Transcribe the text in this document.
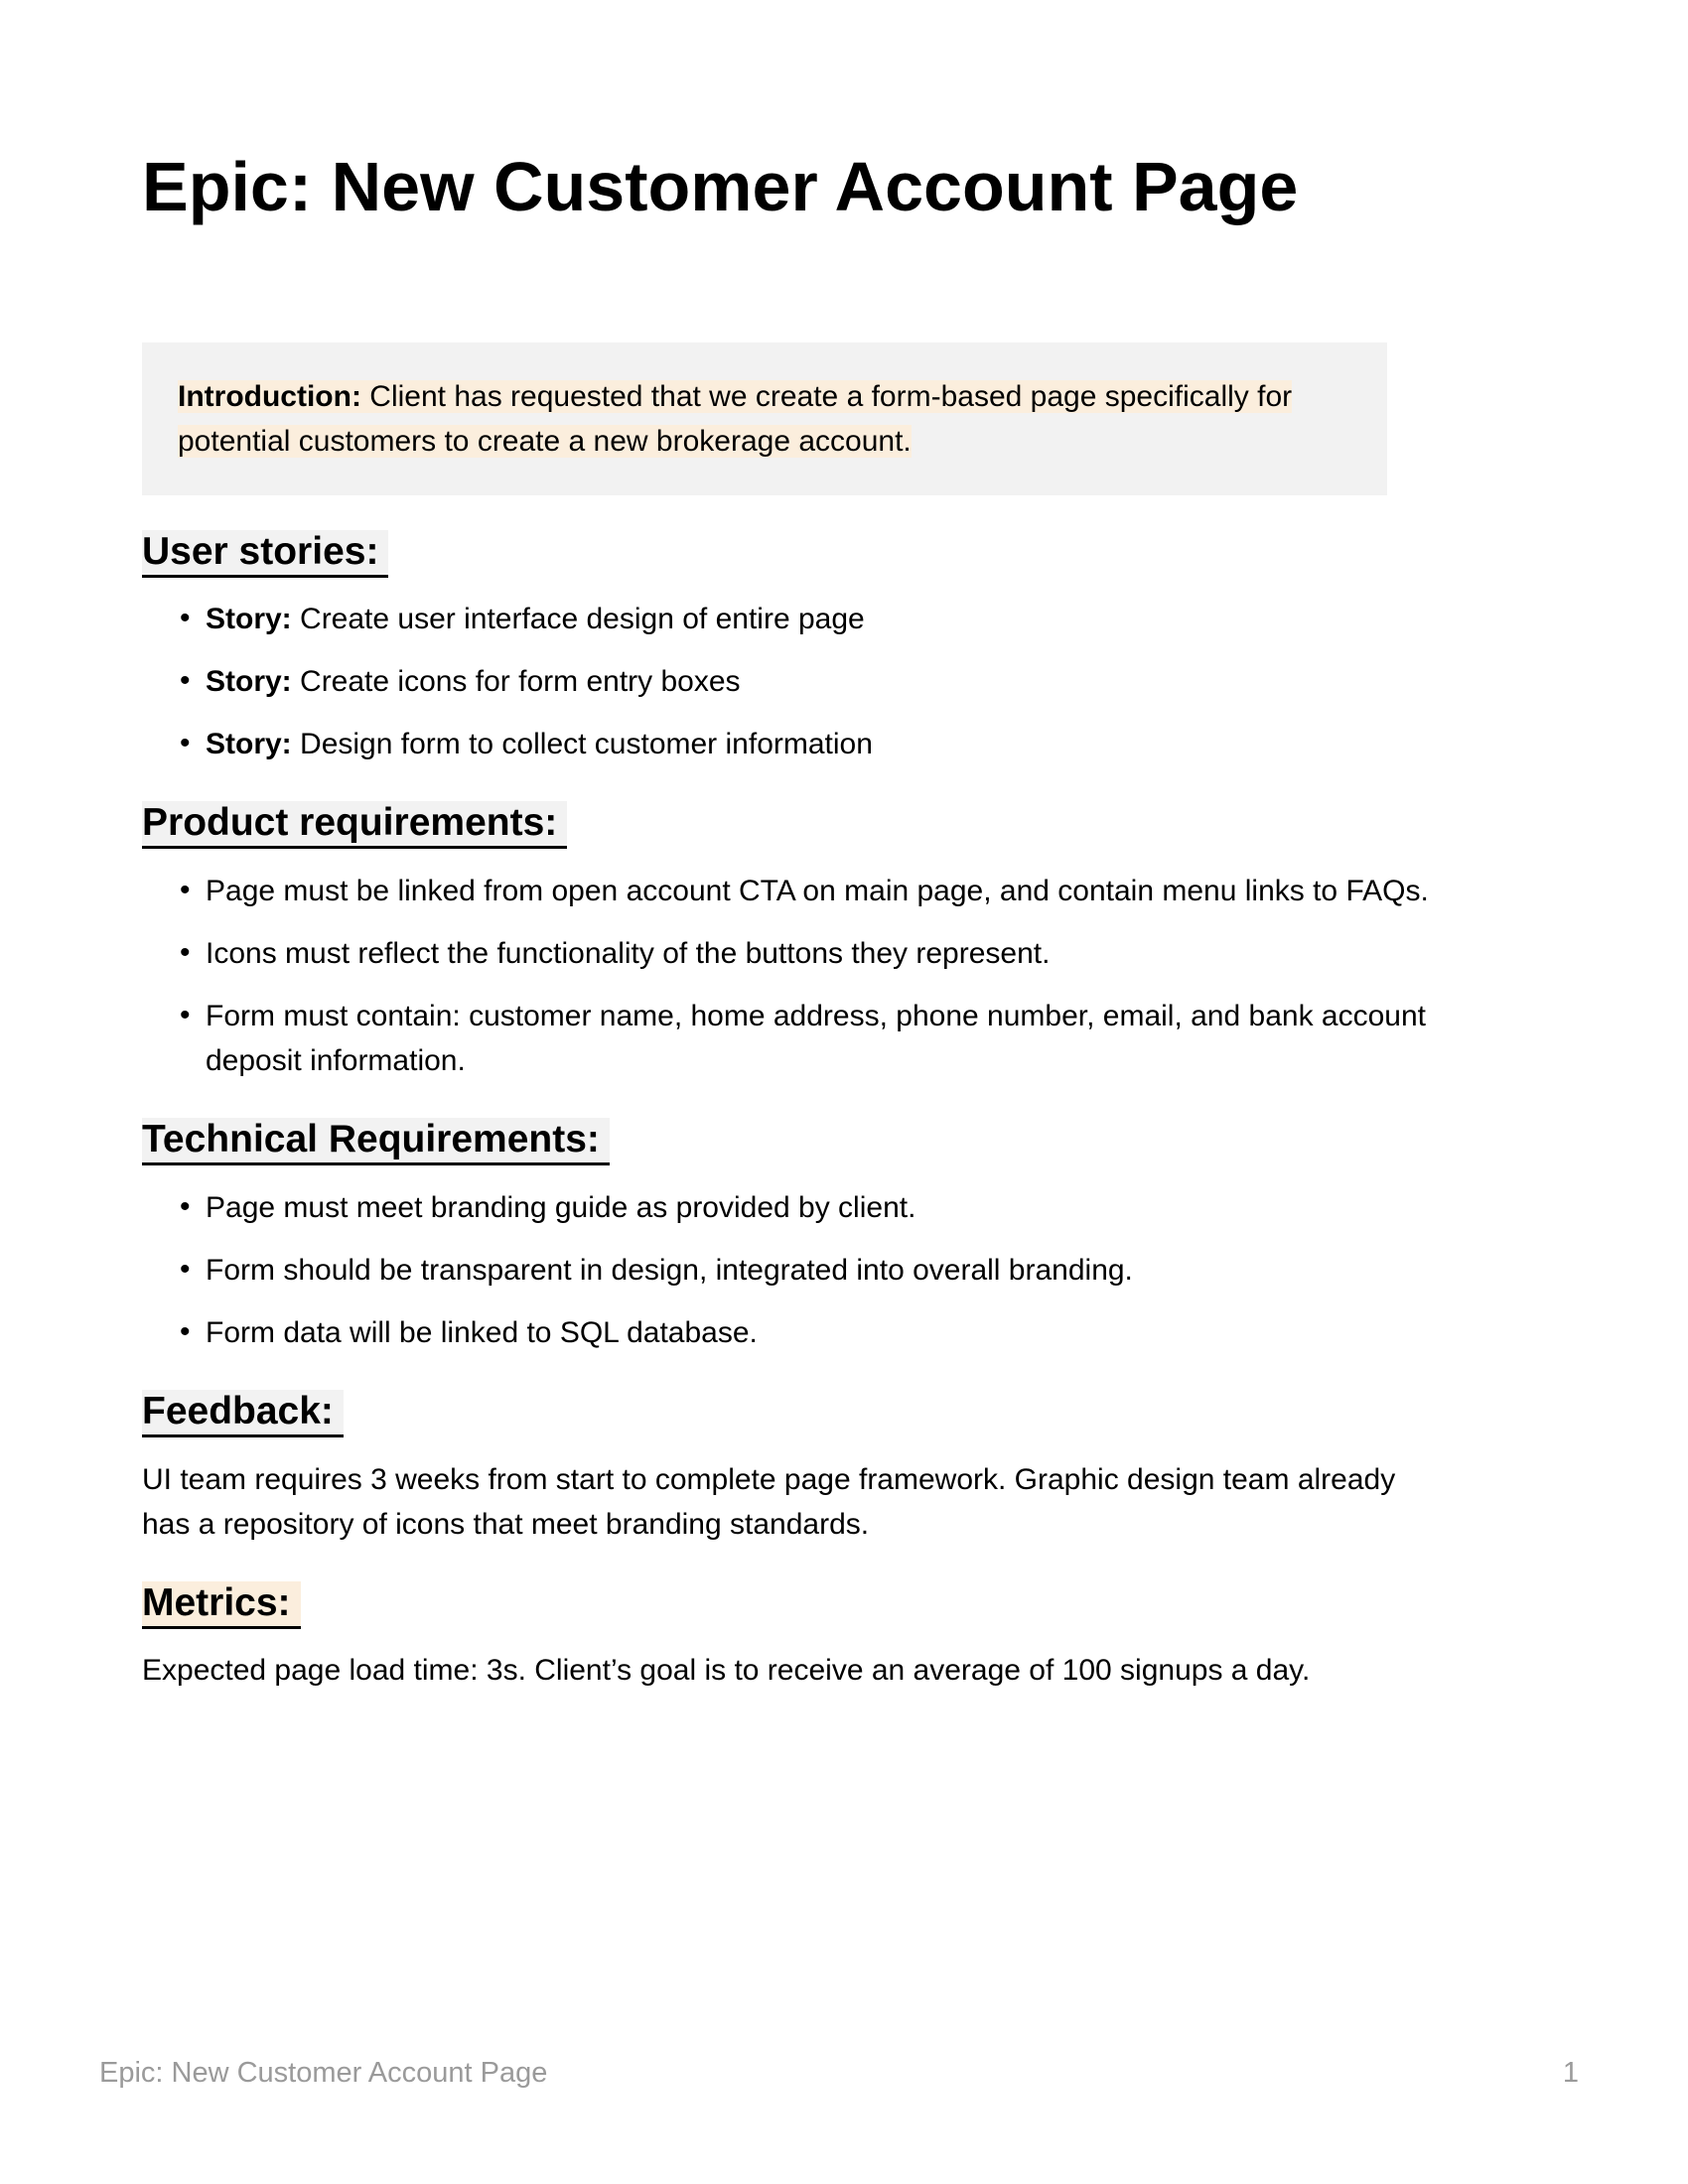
Epic: New Customer Account Page
Introduction: Client has requested that we create a form-based page specifically for potential customers to create a new brokerage account.
User stories:
• Story: Create user interface design of entire page
• Story: Create icons for form entry boxes
• Story: Design form to collect customer information
Product requirements:
• Page must be linked from open account CTA on main page, and contain menu links to FAQs.
• Icons must reflect the functionality of the buttons they represent.
• Form must contain: customer name, home address, phone number, email, and bank account deposit information.
Technical Requirements:
• Page must meet branding guide as provided by client.
• Form should be transparent in design, integrated into overall branding.
• Form data will be linked to SQL database.
Feedback:

UI team requires 3 weeks from start to complete page framework. Graphic design team already has a repository of icons that meet branding standards.

Metrics:

Expected page load time: 3s. Client’s goal is to receive an average of 100 signups a day.

Epic: New Customer Account Page	1
